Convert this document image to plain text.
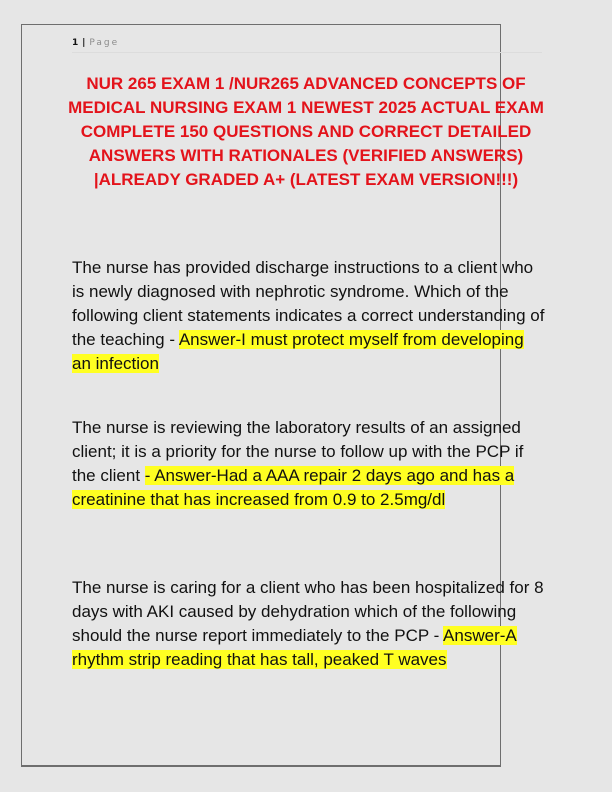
1 | Page
NUR 265 EXAM 1 /NUR265 ADVANCED CONCEPTS OF MEDICAL NURSING EXAM 1 NEWEST 2025 ACTUAL EXAM COMPLETE 150 QUESTIONS AND CORRECT DETAILED ANSWERS WITH RATIONALES (VERIFIED ANSWERS) |ALREADY GRADED A+ (LATEST EXAM VERSION!!!)
The nurse has provided discharge instructions to a client who is newly diagnosed with nephrotic syndrome. Which of the following client statements indicates a correct understanding of the teaching - Answer-I must protect myself from developing an infection
The nurse is reviewing the laboratory results of an assigned client; it is a priority for the nurse to follow up with the PCP if the client - Answer-Had a AAA repair 2 days ago and has a creatinine that has increased from 0.9 to 2.5mg/dl
The nurse is caring for a client who has been hospitalized for 8 days with AKI caused by dehydration which of the following should the nurse report immediately to the PCP - Answer-A rhythm strip reading that has tall, peaked T waves
